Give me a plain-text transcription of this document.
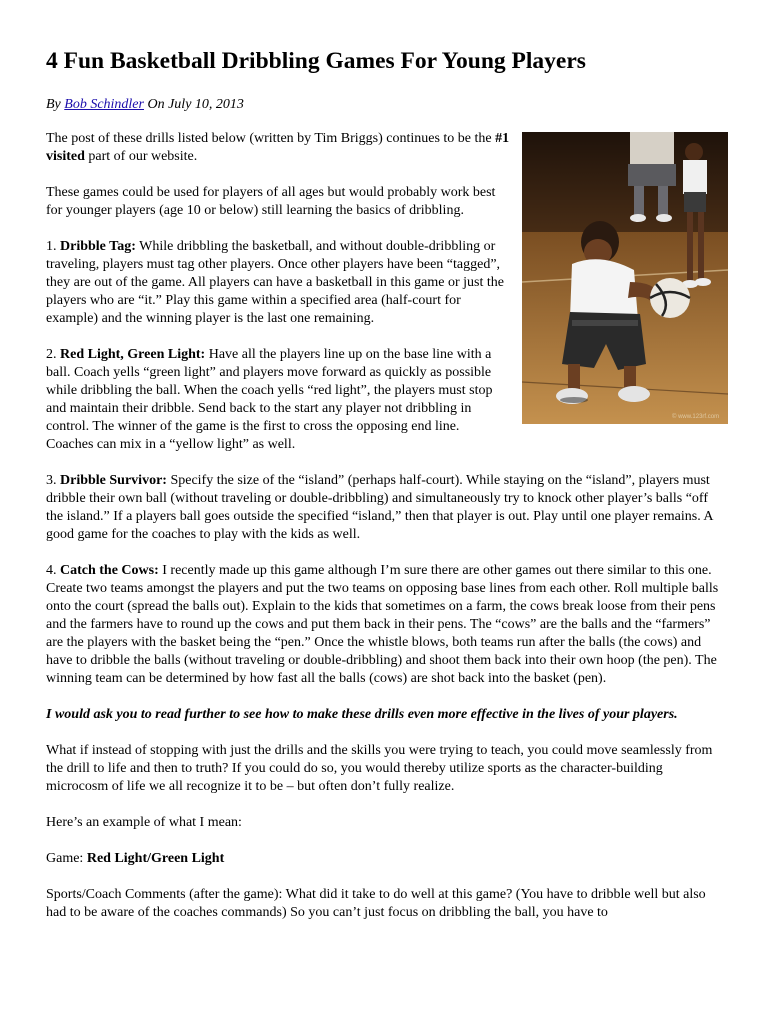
4 Fun Basketball Dribbling Games For Young Players

By Bob Schindler On July 10, 2013

© www.123rf.com

The post of these drills listed below (written by Tim Briggs) continues to be the #1 visited part of our website.

These games could be used for players of all ages but would probably work best for younger players (age 10 or below) still learning the basics of dribbling.

1. Dribble Tag: While dribbling the basketball, and without double-dribbling or traveling, players must tag other players. Once other players have been “tagged”, they are out of the game. All players can have a basketball in this game or just the players who are “it.” Play this game within a specified area (half-court for example) and the winning player is the last one remaining.

2. Red Light, Green Light: Have all the players line up on the base line with a ball. Coach yells “green light” and players move forward as quickly as possible while dribbling the ball. When the coach yells “red light”, the players must stop and maintain their dribble. Send back to the start any player not dribbling in control. The winner of the game is the first to cross the opposing end line. Coaches can mix in a “yellow light” as well.

3. Dribble Survivor: Specify the size of the “island” (perhaps half-court). While staying on the “island”, players must dribble their own ball (without traveling or double-dribbling) and simultaneously try to knock other player’s balls “off the island.” If a players ball goes outside the specified “island,” then that player is out. Play until one player remains. A good game for the coaches to play with the kids as well.

4. Catch the Cows: I recently made up this game although I’m sure there are other games out there similar to this one. Create two teams amongst the players and put the two teams on opposing base lines from each other. Roll multiple balls onto the court (spread the balls out). Explain to the kids that sometimes on a farm, the cows break loose from their pens and the farmers have to round up the cows and put them back in their pens. The “cows” are the balls and the “farmers” are the players with the basket being the “pen.” Once the whistle blows, both teams run after the balls (the cows) and have to dribble the balls (without traveling or double-dribbling) and shoot them back into their own hoop (the pen). The winning team can be determined by how fast all the balls (cows) are shot back into the basket (pen).

I would ask you to read further to see how to make these drills even more effective in the lives of your players.

What if instead of stopping with just the drills and the skills you were trying to teach, you could move seamlessly from the drill to life and then to truth? If you could do so, you would thereby utilize sports as the character-building microcosm of life we all recognize it to be – but often don’t fully realize.

Here’s an example of what I mean:

Game: Red Light/Green Light

Sports/Coach Comments (after the game): What did it take to do well at this game? (You have to dribble well but also had to be aware of the coaches commands) So you can’t just focus on dribbling the ball, you have to
